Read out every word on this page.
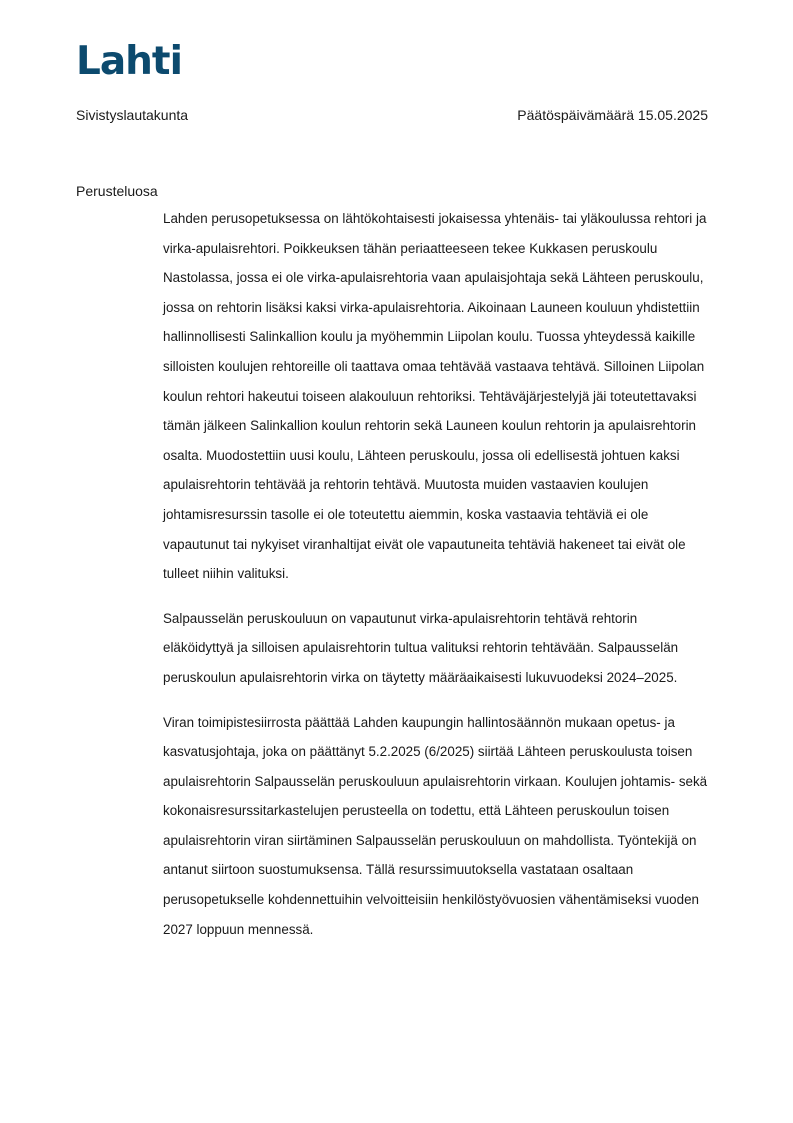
Lahti
Sivistyslautakunta	Päätöspäivämäärä 15.05.2025
Perusteluosa

Lahden perusopetuksessa on lähtökohtaisesti jokaisessa yhtenäis- tai yläkoulussa rehtori ja virka-apulaisrehtori. Poikkeuksen tähän periaatteeseen tekee Kukkasen peruskoulu Nastolassa, jossa ei ole virka-apulaisrehtoria vaan apulaisjohtaja sekä Lähteen peruskoulu, jossa on rehtorin lisäksi kaksi virka-apulaisrehtoria. Aikoinaan Launeen kouluun yhdistettiin hallinnollisesti Salinkallion koulu ja myöhemmin Liipolan koulu. Tuossa yhteydessä kaikille silloisten koulujen rehtoreille oli taattava omaa tehtävää vastaava tehtävä. Silloinen Liipolan koulun rehtori hakeutui toiseen alakouluun rehtoriksi. Tehtäväjärjestelyjä jäi toteutettavaksi tämän jälkeen Salinkallion koulun rehtorin sekä Launeen koulun rehtorin ja apulaisrehtorin osalta. Muodostettiin uusi koulu, Lähteen peruskoulu, jossa oli edellisestä johtuen kaksi apulaisrehtorin tehtävää ja rehtorin tehtävä. Muutosta muiden vastaavien koulujen johtamisresurssin tasolle ei ole toteutettu aiemmin, koska vastaavia tehtäviä ei ole vapautunut tai nykyiset viranhaltijat eivät ole vapautuneita tehtäviä hakeneet tai eivät ole tulleet niihin valituksi.

Salpausselän peruskouluun on vapautunut virka-apulaisrehtorin tehtävä rehtorin eläköidyttyä ja silloisen apulaisrehtorin tultua valituksi rehtorin tehtävään. Salpausselän peruskoulun apulaisrehtorin virka on täytetty määräaikaisesti lukuvuodeksi 2024–2025.

Viran toimipistesiirrosta päättää Lahden kaupungin hallintosäännön mukaan opetus- ja kasvatusjohtaja, joka on päättänyt 5.2.2025 (6/2025) siirtää Lähteen peruskoulusta toisen apulaisrehtorin Salpausselän peruskouluun apulaisrehtorin virkaan. Koulujen johtamis- sekä kokonaisresurssitarkastelujen perusteella on todettu, että Lähteen peruskoulun toisen apulaisrehtorin viran siirtäminen Salpausselän peruskouluun on mahdollista. Työntekijä on antanut siirtoon suostumuksensa. Tällä resurssimuutoksella vastataan osaltaan perusopetukselle kohdennettuihin velvoitteisiin henkilöstyövuosien vähentämiseksi vuoden 2027 loppuun mennessä.
